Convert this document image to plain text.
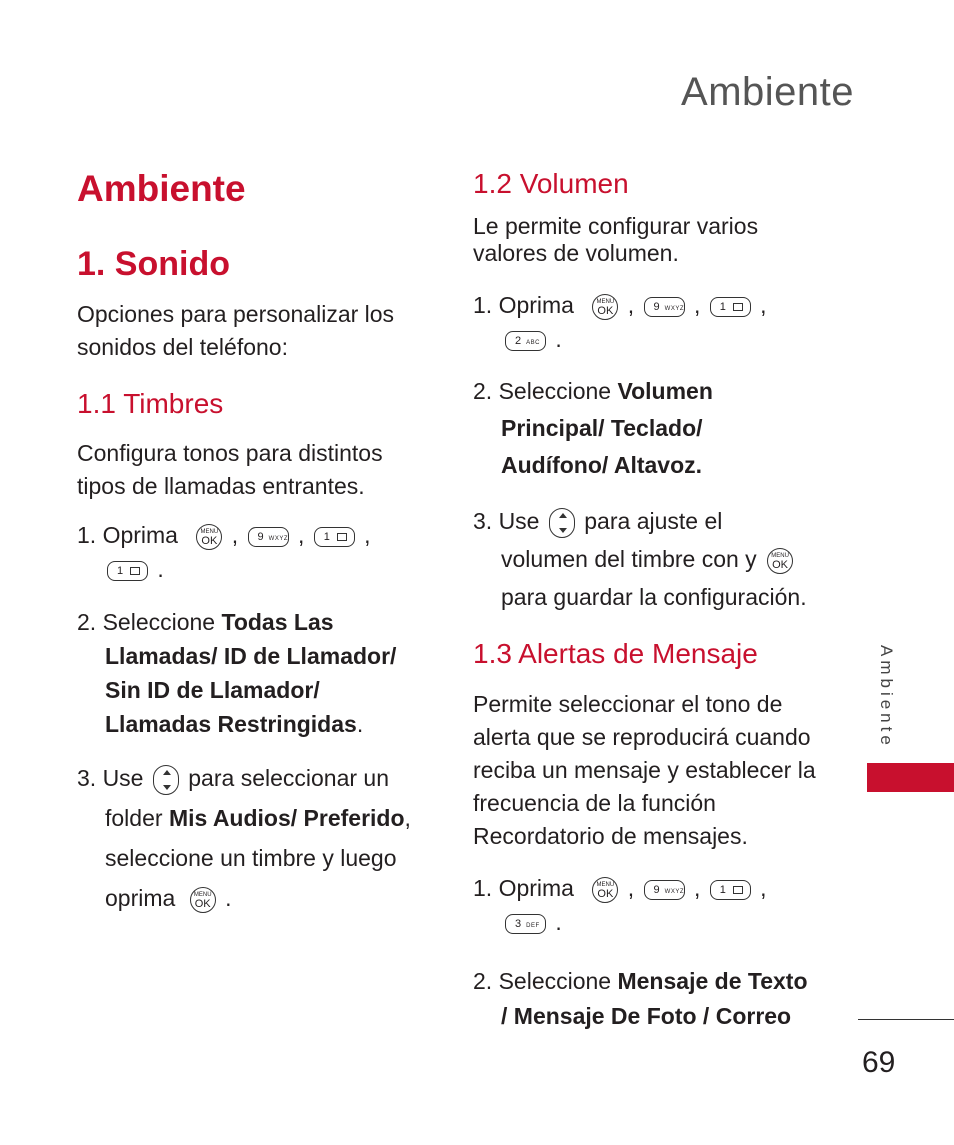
Ambiente
Ambiente
1. Sonido
Opciones para personalizar los
sonidos del teléfono:
1.1 Timbres
Configura tonos para distintos
tipos de llamadas entrantes.
1. Oprima	MENU
OK , 9 WXYZ , 1 ,
1 .
2. Seleccione Todas Las
Llamadas/ ID de Llamador/
Sin ID de Llamador/
Llamadas Restringidas.
3. Use para seleccionar un
folder Mis Audios/ Preferido,
seleccione un timbre y luego
oprima	MENU
OK .
1.2 Volumen
Le permite configurar varios
valores de volumen.
1. Oprima	MENU
OK , 9 WXYZ , 1 ,
2 ABC .
2. Seleccione Volumen
Principal/ Teclado/
Audífono/ Altavoz.
3. Use para ajuste el
volumen del timbre con y MENU
OK
para guardar la configuración.
1.3 Alertas de Mensaje
Permite seleccionar el tono de
alerta que se reproducirá cuando
reciba un mensaje y establecer la
frecuencia de la función
Recordatorio de mensajes.
1. Oprima	MENU
OK , 9 WXYZ , 1 ,
3 DEF .
2. Seleccione Mensaje de Texto
/ Mensaje De Foto / Correo
Ambiente
69
